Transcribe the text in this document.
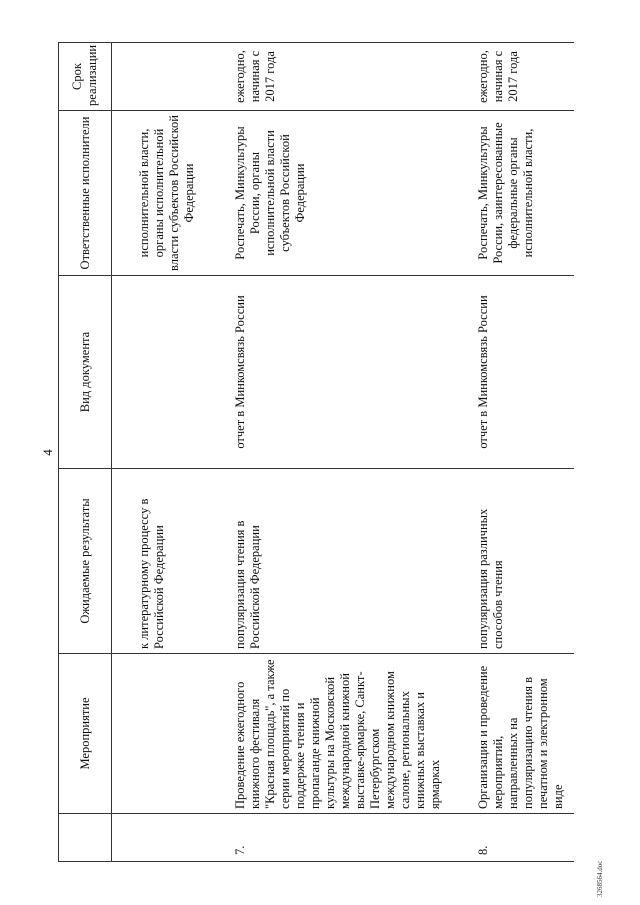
4
	Мероприятие	Ожидаемые результаты	Вид документа	Ответственные исполнители	Срок реализации
		к литературному процессу в Российской Федерации		исполнительной власти, органы исполнительной власти субъектов Российской Федерации	
7.	Проведение ежегодного книжного фестиваля "Красная площадь", а также серии мероприятий по поддержке чтения и пропаганде книжной культуры на Московской международной книжной выставке-ярмарке, Санкт-Петербургском международном книжном салоне, региональных книжных выставках и ярмарках	популяризация чтения в Российской Федерации	отчет в Минкомсвязь России	Роспечать, Минкультуры России, органы исполнительной власти субъектов Российской Федерации	ежегодно, начиная с 2017 года
8.	Организация и проведение мероприятий, направленных на популяризацию чтения в печатном и электронном виде	популяризация различных способов чтения	отчет в Минкомсвязь России	Роспечать, Минкультуры России, заинтересованные федеральные органы исполнительной власти,	ежегодно, начиная с 2017 года
3268564.doc
